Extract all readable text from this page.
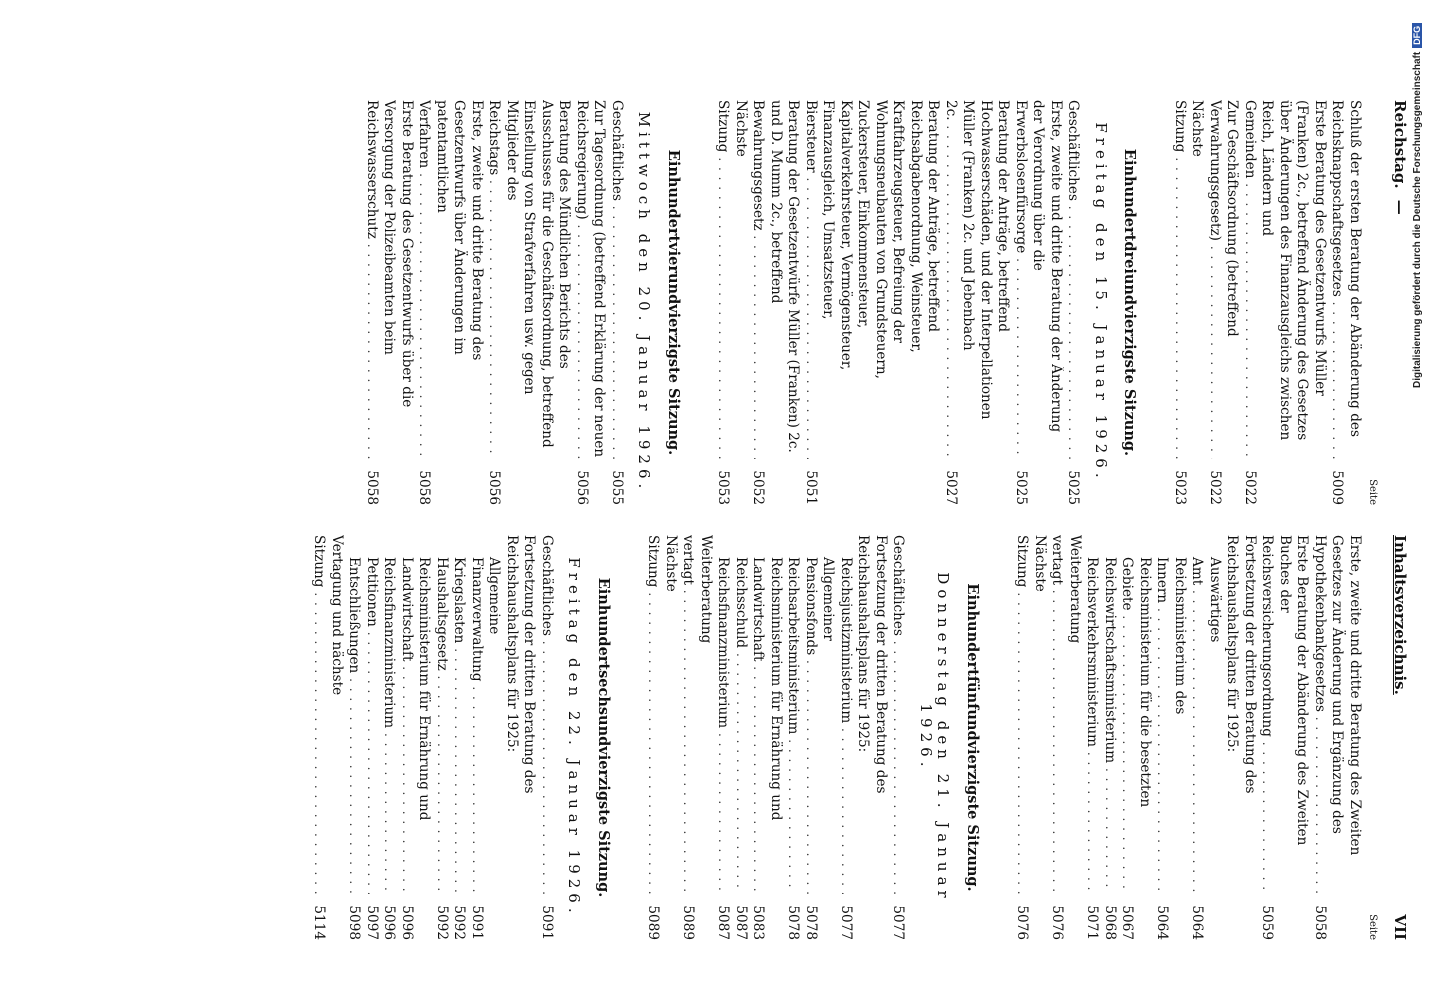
Reichstag. —
Inhaltsverzeichnis.
VII
Seite
Schluß der ersten Beratung der Abänderung des Reichsknappschaftsgesetzes . . .
5009
Erste Beratung des Gesetzentwurfs Müller (Franken) 2c., betreffend Änderung des Gesetzes über Änderungen des Finanzausgleichs zwischen Reich, Ländern und Gemeinden . . .
5022
Zur Geschäftsordnung (betreffend Verwahrungsgesetz) . . .
5022
Nächste Sitzung . . .
5023
Einhundertdreiundvierzigste Sitzung.
Freitag den 15. Januar 1926.
Geschäftliches . . .
5025
Erste, zweite und dritte Beratung der Änderung der Verordnung über die Erwerbslosenfürsorge . . .
5025
Beratung der Anträge, betreffend Hochwasserschäden, und der Interpellationen Müller (Franken) 2c. und Jebenbach 2c. . . .
5027
Beratung der Anträge, betreffend Reichsabgabenordnung, Weinsteuer, Kraftfahrzeugsteuer, Befreiung der Wohnungsneubauten von Grundsteuern, Zuckersteuer, Einkommensteuer, Kapitalverkehrsteuer, Vermögensteuer, Finanzausgleich, Umsatzsteuer, Biersteuer . . .
5051
Beratung der Gesetzentwürfe Müller (Franken) 2c. und D. Mumm 2c., betreffend Bewahrungsgesetz . . .
5052
Nächste Sitzung . . .
5053
Einhundertvierundvierzigste Sitzung.
Mittwoch den 20. Januar 1926.
Geschäftliches . . .
5055
Zur Tagesordnung (betreffend Erklärung der neuen Reichsregierung) . . .
5056
Beratung des Mündlichen Berichts des Ausschusses für die Geschäftsordnung, betreffend Einstellung von Strafverfahren usw. gegen Mitglieder des Reichstags . . .
5056
Erste, zweite und dritte Beratung des Gesetzentwurfs über Änderungen im patentamtlichen Verfahren . . .
5058
Erste Beratung des Gesetzentwurfs über die Versorgung der Polizeibeamten beim Reichswasserschutz . . .
5058
Seite
Erste, zweite und dritte Beratung des Zweiten Gesetzes zur Änderung und Ergänzung des Hypothekenbankgesetzes . . .
5058
Erste Beratung der Abänderung des Zweiten Buches der Reichsversicherungsordnung . . .
5059
Fortsetzung der dritten Beratung des Reichshaushaltsplans für 1925:
Auswärtiges Amt . . .
5064
Reichsministerium des Innern . . .
5064
Reichsministerium für die besetzten Gebiete . . .
5067
Reichswirtschaftsministerium . . .
5068
Reichsverkehrsministerium . . .
5071
Weiterberatung vertagt . . .
5076
Nächste Sitzung . . .
5076
Einhundertfünfundvierzigste Sitzung.
Donnerstag den 21. Januar 1926.
Geschäftliches . . .
5077
Fortsetzung der dritten Beratung des Reichshaushaltsplans für 1925:
Reichsjustizministerium . . .
5077
Allgemeiner Pensionsfonds . . .
5078
Reichsarbeitsministerium . . .
5078
Reichsministerium für Ernährung und Landwirtschaft . . .
5083
Reichsschuld . . .
5087
Reichsfinanzministerium . . .
5087
Weiterberatung vertagt . . .
5089
Nächste Sitzung . . .
5089
Einhundertsechsundvierzigste Sitzung.
Freitag den 22. Januar 1926.
Geschäftliches . . .
5091
Fortsetzung der dritten Beratung des Reichshaushaltsplans für 1925:
Allgemeine Finanzverwaltung . . .
5091
Kriegslasten . . .
5092
Haushaltsgesetz . . .
5092
Reichsministerium für Ernährung und Landwirtschaft . . .
5096
Reichsfinanzministerium . . .
5096
Petitionen . . .
5097
Entschließungen . . .
5098
Vertagung und nächste Sitzung . . .
5114
Digitalisierung gefördert durch die Deutsche ForschungsgemeinschaftDFG
